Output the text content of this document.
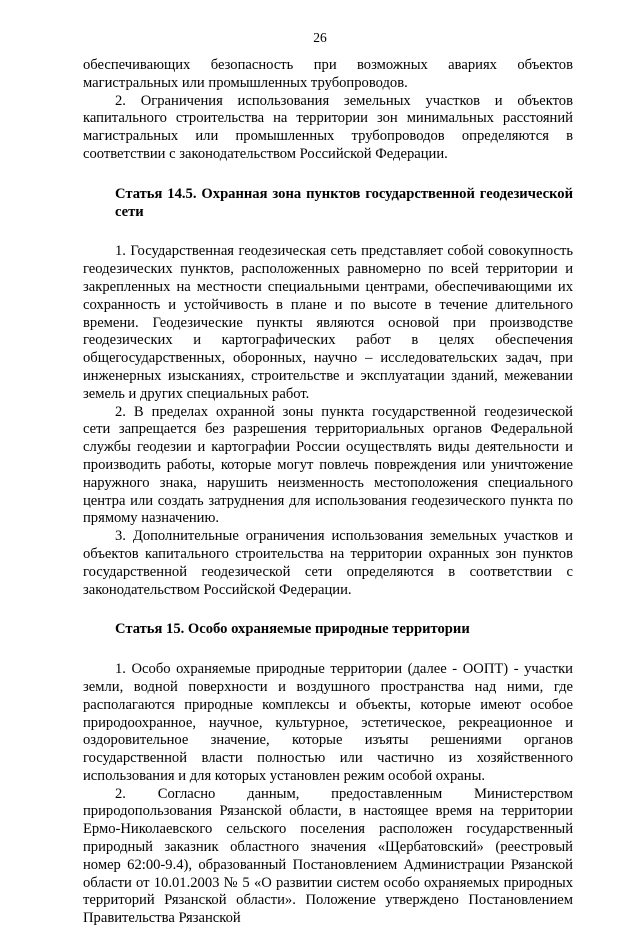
26

обеспечивающих безопасность при возможных авариях объектов магистральных или промышленных трубопроводов.

2. Ограничения использования земельных участков и объектов капитального строительства на территории зон минимальных расстояний магистральных или промышленных трубопроводов определяются в соответствии с законодательством Российской Федерации.

Статья 14.5. Охранная зона пунктов государственной геодезической сети

1. Государственная геодезическая сеть представляет собой совокупность геодезических пунктов, расположенных равномерно по всей территории и закрепленных на местности специальными центрами, обеспечивающими их сохранность и устойчивость в плане и по высоте в течение длительного времени. Геодезические пункты являются основой при производстве геодезических и картографических работ в целях обеспечения общегосударственных, оборонных, научно – исследовательских задач, при инженерных изысканиях, строительстве и эксплуатации зданий, межевании земель и других специальных работ.

2. В пределах охранной зоны пункта государственной геодезической сети запрещается без разрешения территориальных органов Федеральной службы геодезии и картографии России осуществлять виды деятельности и производить работы, которые могут повлечь повреждения или уничтожение наружного знака, нарушить неизменность местоположения специального центра или создать затруднения для использования геодезического пункта по прямому назначению.

3. Дополнительные ограничения использования земельных участков и объектов капитального строительства на территории охранных зон пунктов государственной геодезической сети определяются в соответствии с законодательством Российской Федерации.

Статья 15. Особо охраняемые природные территории

1. Особо охраняемые природные территории (далее - ООПТ) - участки земли, водной поверхности и воздушного пространства над ними, где располагаются природные комплексы и объекты, которые имеют особое природоохранное, научное, культурное, эстетическое, рекреационное и оздоровительное значение, которые изъяты решениями органов государственной власти полностью или частично из хозяйственного использования и для которых установлен режим особой охраны.

2. Согласно данным, предоставленным Министерством природопользования Рязанской области, в настоящее время на территории Ермо-Николаевского сельского поселения расположен государственный природный заказник областного значения «Щербатовский» (реестровый номер 62:00-9.4), образованный Постановлением Администрации Рязанской области от 10.01.2003 № 5 «О развитии систем особо охраняемых природных территорий Рязанской области». Положение утверждено Постановлением Правительства Рязанской
